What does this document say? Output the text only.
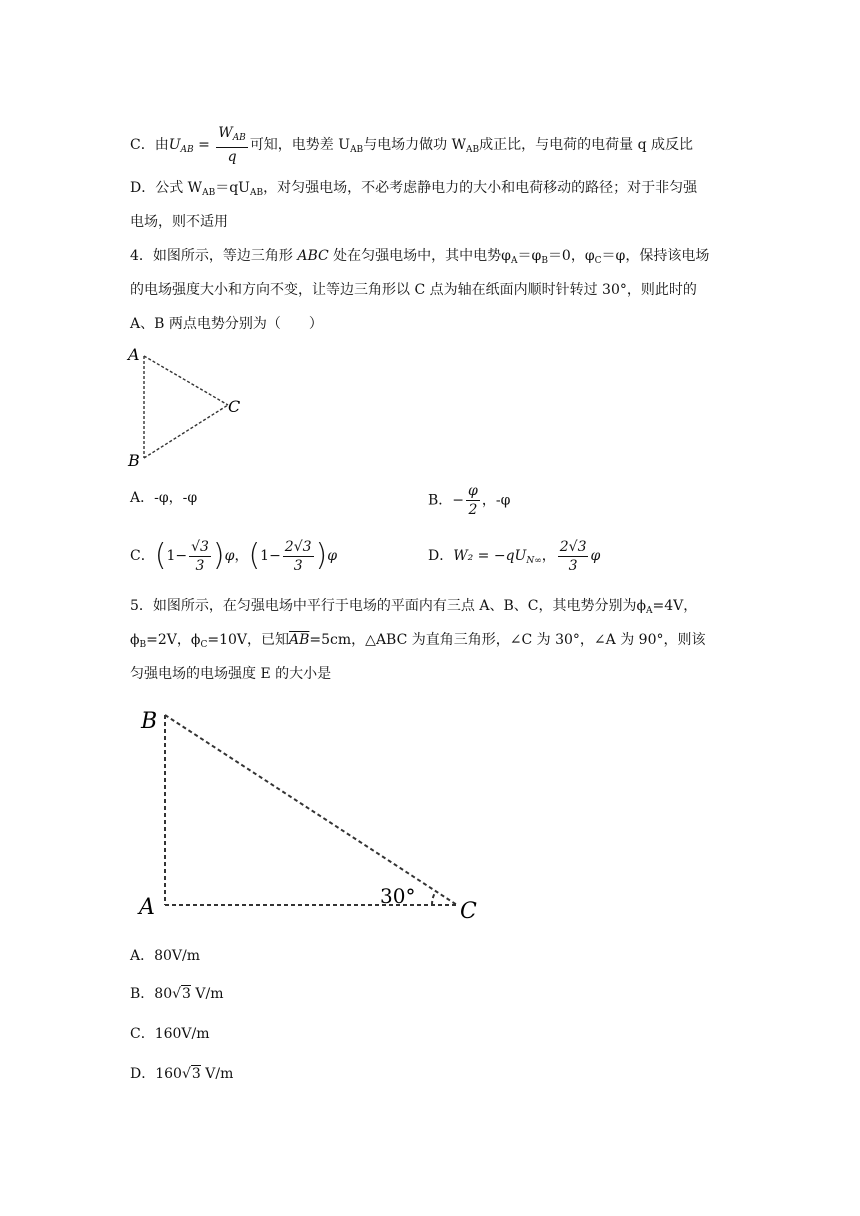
C．由$U_{AB} = \frac{W_{AB}}{q}$ 可知，电势差 $U_{AB}$与电场力做功 $W_{AB}$成正比，与电荷的电荷量 q 成反比
D．公式 $W_{AB}=qU_{AB}$，对匀强电场，不必考虑静电力的大小和电荷移动的路径；对于非匀强
电场，则不适用
4．如图所示，等边三角形 ABC 处在匀强电场中，其中电势$\varphi_A=\varphi_B=0$，$\varphi_C=\varphi$，保持该电场
的电场强度大小和方向不变，让等边三角形以 C 点为轴在纸面内顺时针转过 30°，则此时的
A、B 两点电势分别为（　　）
A
B
C
A．-φ，-φ	B．− $\frac{\varphi}{2}$ ，-φ
C．$(1- \frac{√3}{3} )\varphi$，$(1- \frac{2√3}{3} )\varphi$	D．$W_2 = -qU_{N\infty}$， $\frac{2√3}{3}$ φ
5．如图所示，在匀强电场中平行于电场的平面内有三点 A、B、C，其电势分别为$\phi_A=4V$，
$\phi_B=2V$，$\phi_C=10V$，已知$\overline{AB}=5cm$，△ABC 为直角三角形，∠C 为 30°，∠A 为 90°，则该
匀强电场的电场强度 E 的大小是
B
A	C
30°
A．80V/m
B．80√3 V/m
C．160V/m
D．160√3 V/m
